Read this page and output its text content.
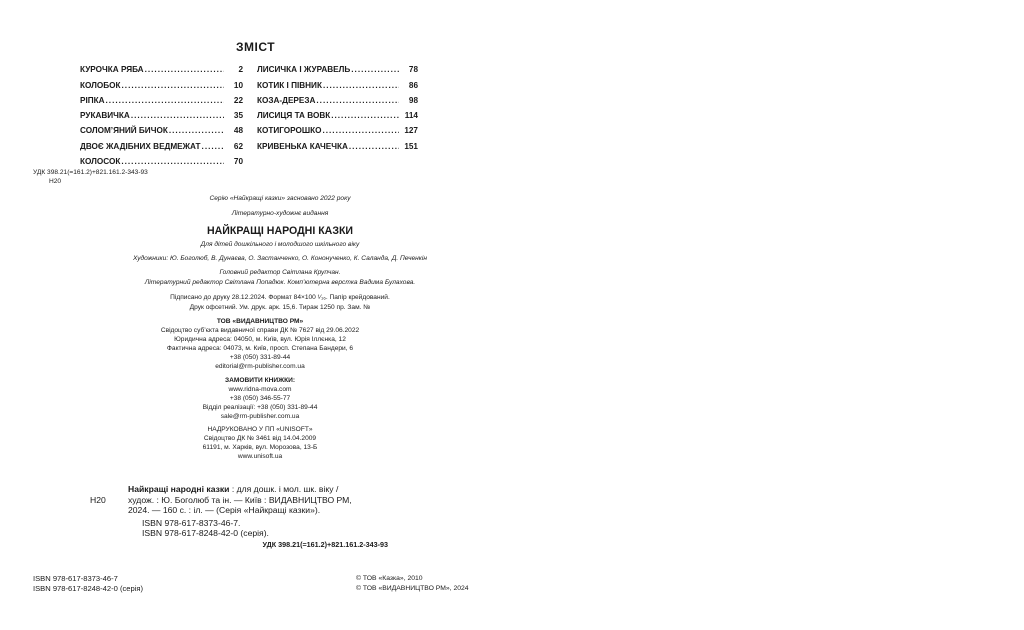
ЗМІСТ
КУРОЧКА РЯБА .....	2
КОЛОБОК .....	10
РІПКА .....	22
РУКАВИЧКА .....	35
СОЛОМ’ЯНИЙ БИЧОК .....	48
ДВОЄ ЖАДІБНИХ ВЕДМЕЖАТ .....	62
КОЛОСОК .....	70
ЛИСИЧКА І ЖУРАВЕЛЬ .....	78
КОТИК І ПІВНИК .....	86
КОЗА-ДЕРЕЗА .....	98
ЛИСИЦЯ ТА ВОВК .....	114
КОТИГОРОШКО .....	127
КРИВЕНЬКА КАЧЕЧКА .....	151
УДК 398.21(=161.2)+821.161.2-343-93
Н20
Серію «Найкращі казки» засновано 2022 року
Літературно-художнє видання
НАЙКРАЩІ НАРОДНІ КАЗКИ
Для дітей дошкільного і молодшого шкільного віку
Художники: Ю. Боголюб, В. Дунаєва, О. Застанченко, О. Кононученко, К. Саланда, Д. Печенкін
Головний редактор Світлана Крупчан.
Літературний редактор Світлана Попадюк. Комп’ютерна верстка Вадима Булахова.
Підписано до друку 28.12.2024. Формат 84×100 ¹⁄₁₆. Папір крейдований.
Друк офсетний. Ум. друк. арк. 15,6. Тираж 1250 пр. Зам. №
ТОВ «ВИДАВНИЦТВО РМ»
Свідоцтво суб’єкта видавничої справи ДК № 7627 від 29.06.2022
Юридична адреса: 04050, м. Київ, вул. Юрія Іллєнка, 12
Фактична адреса: 04073, м. Київ, просп. Степана Бандери, 6
+38 (050) 331-89-44
editorial@rm-publisher.com.ua
ЗАМОВИТИ КНИЖКИ:
www.ridna-mova.com
+38 (050) 346-55-77
Відділ реалізації: +38 (050) 331-89-44
sale@rm-publisher.com.ua
НАДРУКОВАНО У ПП «UNISOFT»
Свідоцтво ДК № 3461 від 14.04.2009
61191, м. Харків, вул. Морозова, 13-Б
www.unisoft.ua
Найкращі народні казки : для дошк. і мол. шк. віку /
Н20	худож. : Ю. Боголюб та ін. — Київ : ВИДАВНИЦТВО РМ,
2024. — 160 с. : іл. — (Серія «Найкращі казки»).
ISBN 978-617-8373-46-7.
ISBN 978-617-8248-42-0 (серія).
УДК 398.21(=161.2)+821.161.2-343-93
ISBN 978-617-8373-46-7
ISBN 978-617-8248-42-0 (серія)
© ТОВ «Казка», 2010
© ТОВ «ВИДАВНИЦТВО РМ», 2024
